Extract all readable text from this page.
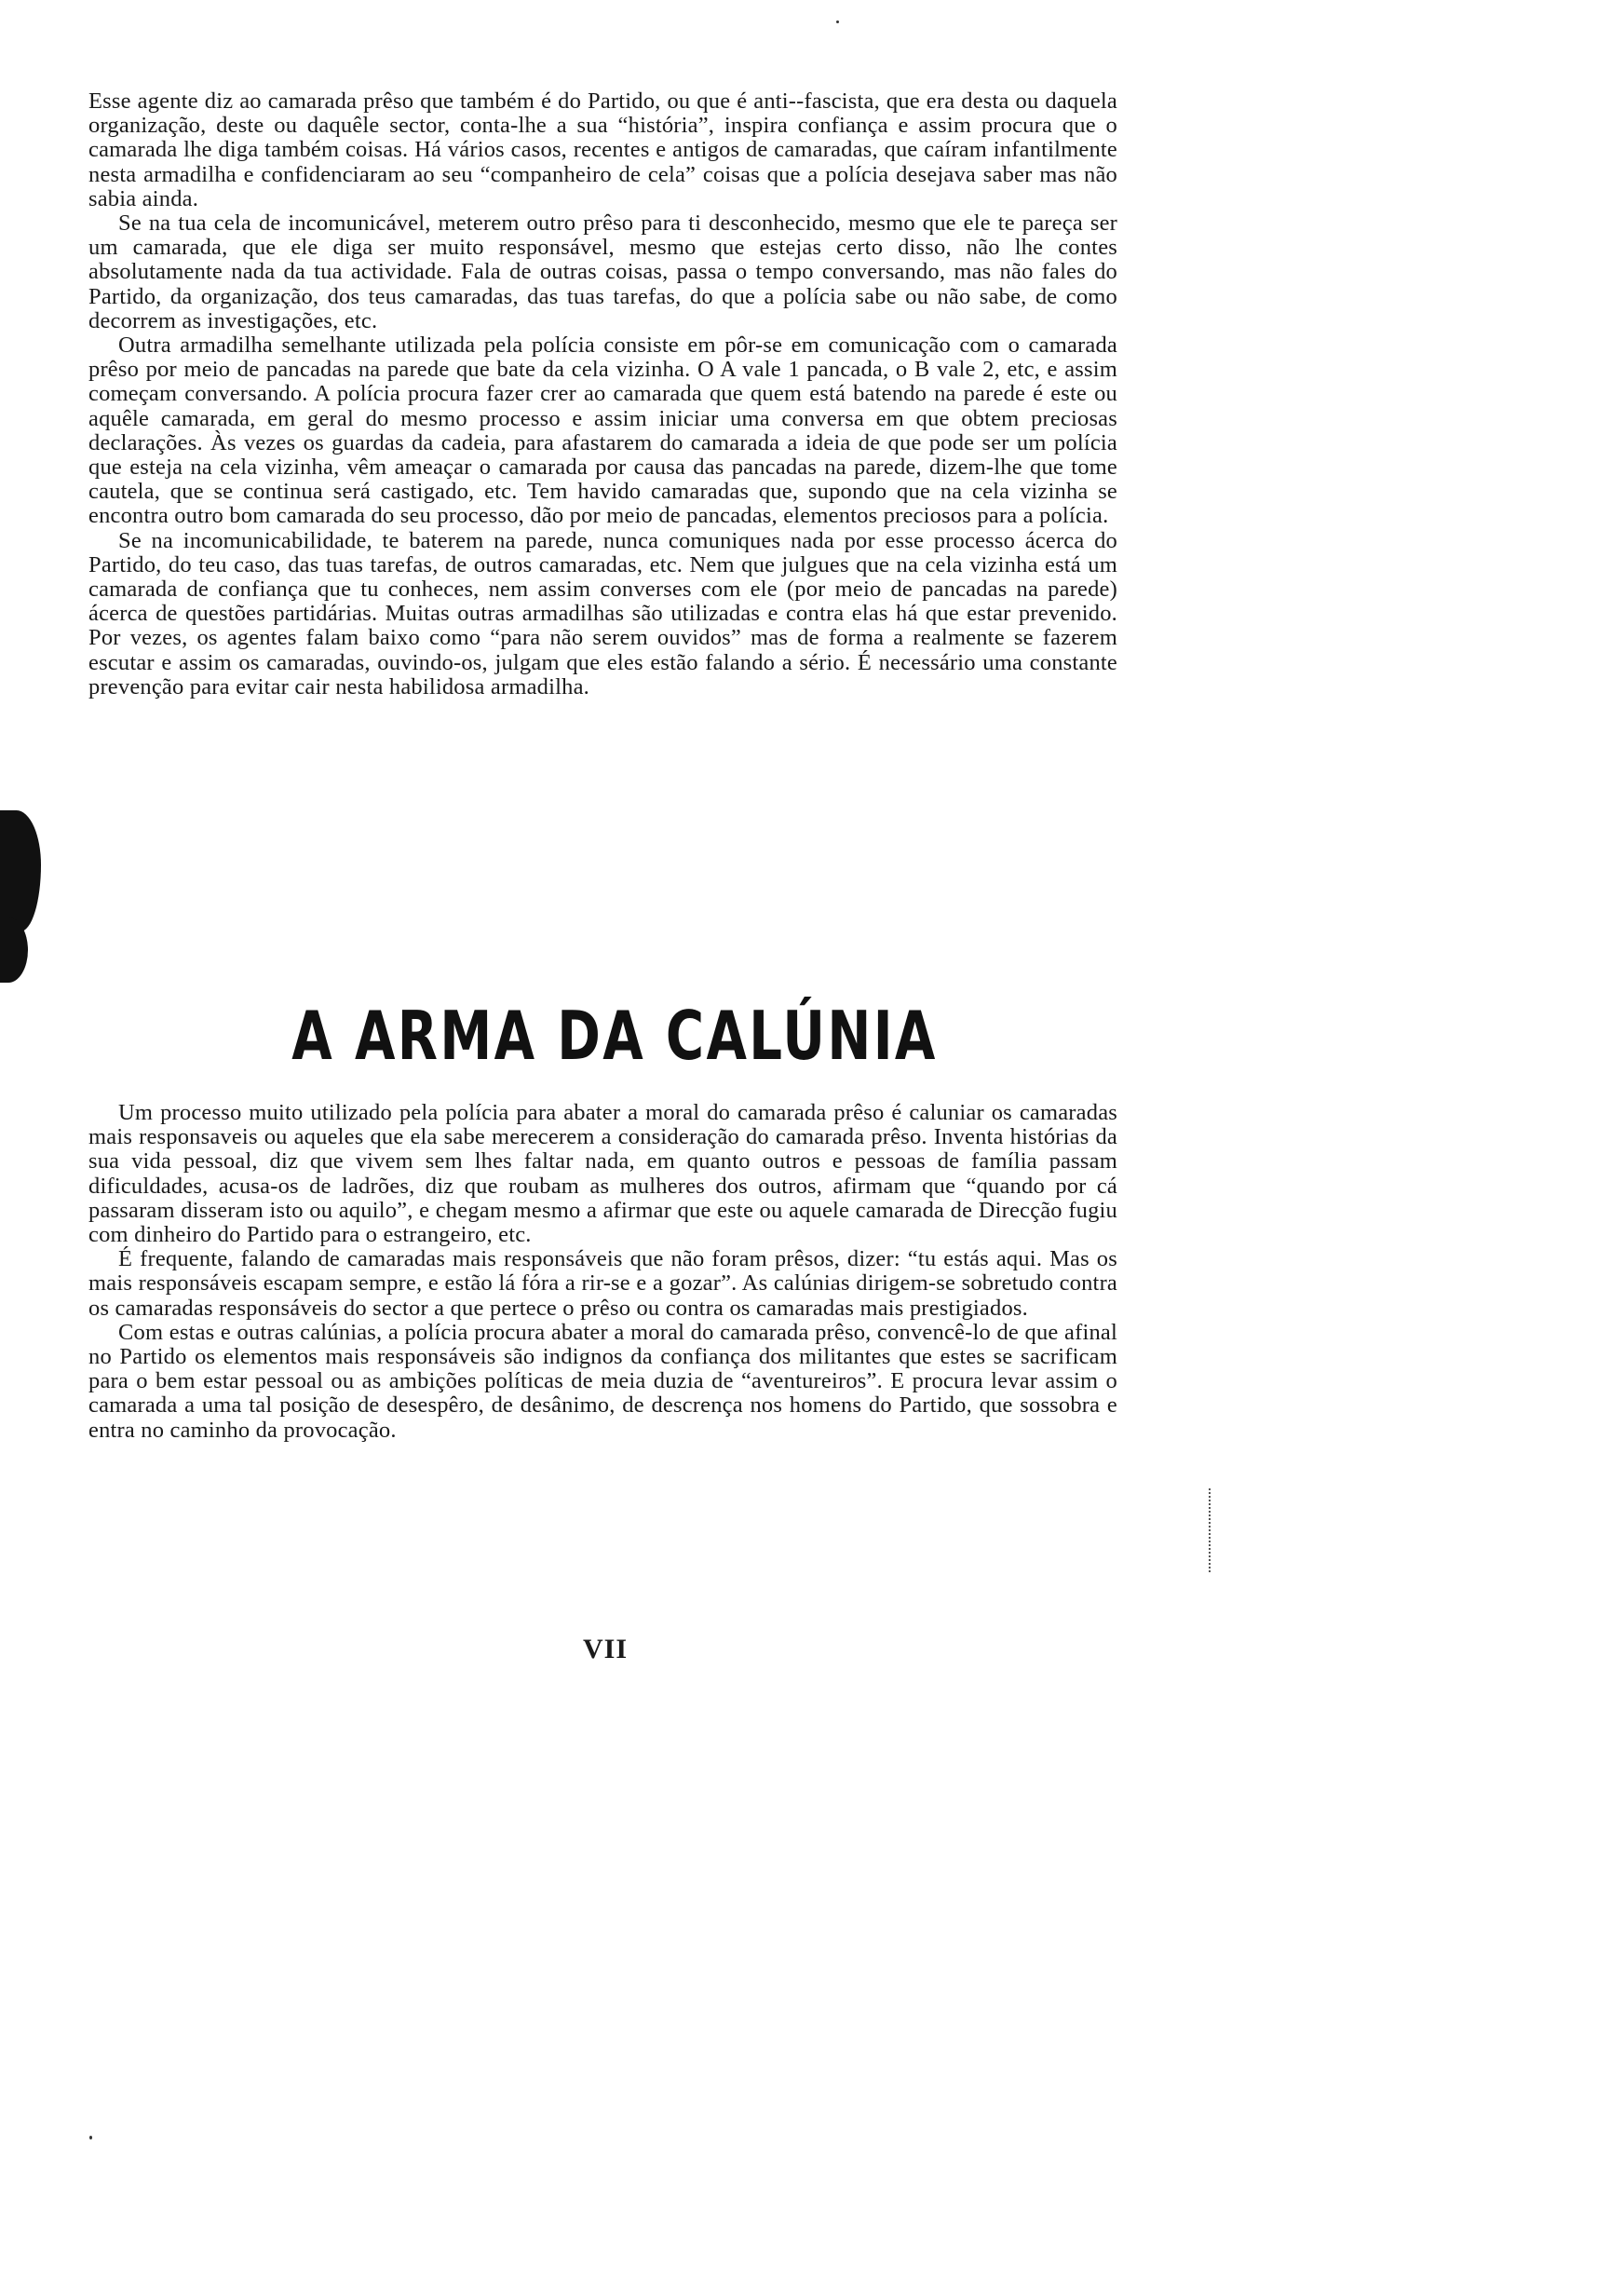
Esse agente diz ao camarada prêso que também é do Partido, ou que é anti--fascista, que era desta ou daquela organização, deste ou daquêle sector, conta-lhe a sua “história”, inspira confiança e assim procura que o camarada lhe diga também coisas. Há vários casos, recentes e antigos de camaradas, que caíram infantilmente nesta armadilha e confidenciaram ao seu “companheiro de cela” coisas que a polícia desejava saber mas não sabia ainda.

Se na tua cela de incomunicável, meterem outro prêso para ti desconhecido, mesmo que ele te pareça ser um camarada, que ele diga ser muito responsável, mesmo que estejas certo disso, não lhe contes absolutamente nada da tua actividade. Fala de outras coisas, passa o tempo conversando, mas não fales do Partido, da organização, dos teus camaradas, das tuas tarefas, do que a polícia sabe ou não sabe, de como decorrem as investigações, etc.

Outra armadilha semelhante utilizada pela polícia consiste em pôr-se em comunicação com o camarada prêso por meio de pancadas na parede que bate da cela vizinha. O A vale 1 pancada, o B vale 2, etc, e assim começam conversando. A polícia procura fazer crer ao camarada que quem está batendo na parede é este ou aquêle camarada, em geral do mesmo processo e assim iniciar uma conversa em que obtem preciosas declarações. Às vezes os guardas da cadeia, para afastarem do camarada a ideia de que pode ser um polícia que esteja na cela vizinha, vêm ameaçar o camarada por causa das pancadas na parede, dizem-lhe que tome cautela, que se continua será castigado, etc. Tem havido camaradas que, supondo que na cela vizinha se encontra outro bom camarada do seu processo, dão por meio de pancadas, elementos preciosos para a polícia.

Se na incomunicabilidade, te baterem na parede, nunca comuniques nada por esse processo ácerca do Partido, do teu caso, das tuas tarefas, de outros camaradas, etc. Nem que julgues que na cela vizinha está um camarada de confiança que tu conheces, nem assim converses com ele (por meio de pancadas na parede) ácerca de questões partidárias. Muitas outras armadilhas são utilizadas e contra elas há que estar prevenido. Por vezes, os agentes falam baixo como “para não serem ouvidos” mas de forma a realmente se fazerem escutar e assim os camaradas, ouvindo-os, julgam que eles estão falando a sério. É necessário uma constante prevenção para evitar cair nesta habilidosa armadilha.

A ARMA DA CALÚNIA

Um processo muito utilizado pela polícia para abater a moral do camarada prêso é caluniar os camaradas mais responsaveis ou aqueles que ela sabe merecerem a consideração do camarada prêso. Inventa histórias da sua vida pessoal, diz que vivem sem lhes faltar nada, em quanto outros e pessoas de família passam dificuldades, acusa-os de ladrões, diz que roubam as mulheres dos outros, afirmam que “quando por cá passaram disseram isto ou aquilo”, e chegam mesmo a afirmar que este ou aquele camarada de Direcção fugiu com dinheiro do Partido para o estrangeiro, etc.

É frequente, falando de camaradas mais responsáveis que não foram prêsos, dizer: “tu estás aqui. Mas os mais responsáveis escapam sempre, e estão lá fóra a rir-se e a gozar”. As calúnias dirigem-se sobretudo contra os camaradas responsáveis do sector a que pertece o prêso ou contra os camaradas mais prestigiados.

Com estas e outras calúnias, a polícia procura abater a moral do camarada prêso, convencê-lo de que afinal no Partido os elementos mais responsáveis são indignos da confiança dos militantes que estes se sacrificam para o bem estar pessoal ou as ambições políticas de meia duzia de “aventureiros”. E procura levar assim o camarada a uma tal posição de desespêro, de desânimo, de descrença nos homens do Partido, que sossobra e entra no caminho da provocação.

VII
